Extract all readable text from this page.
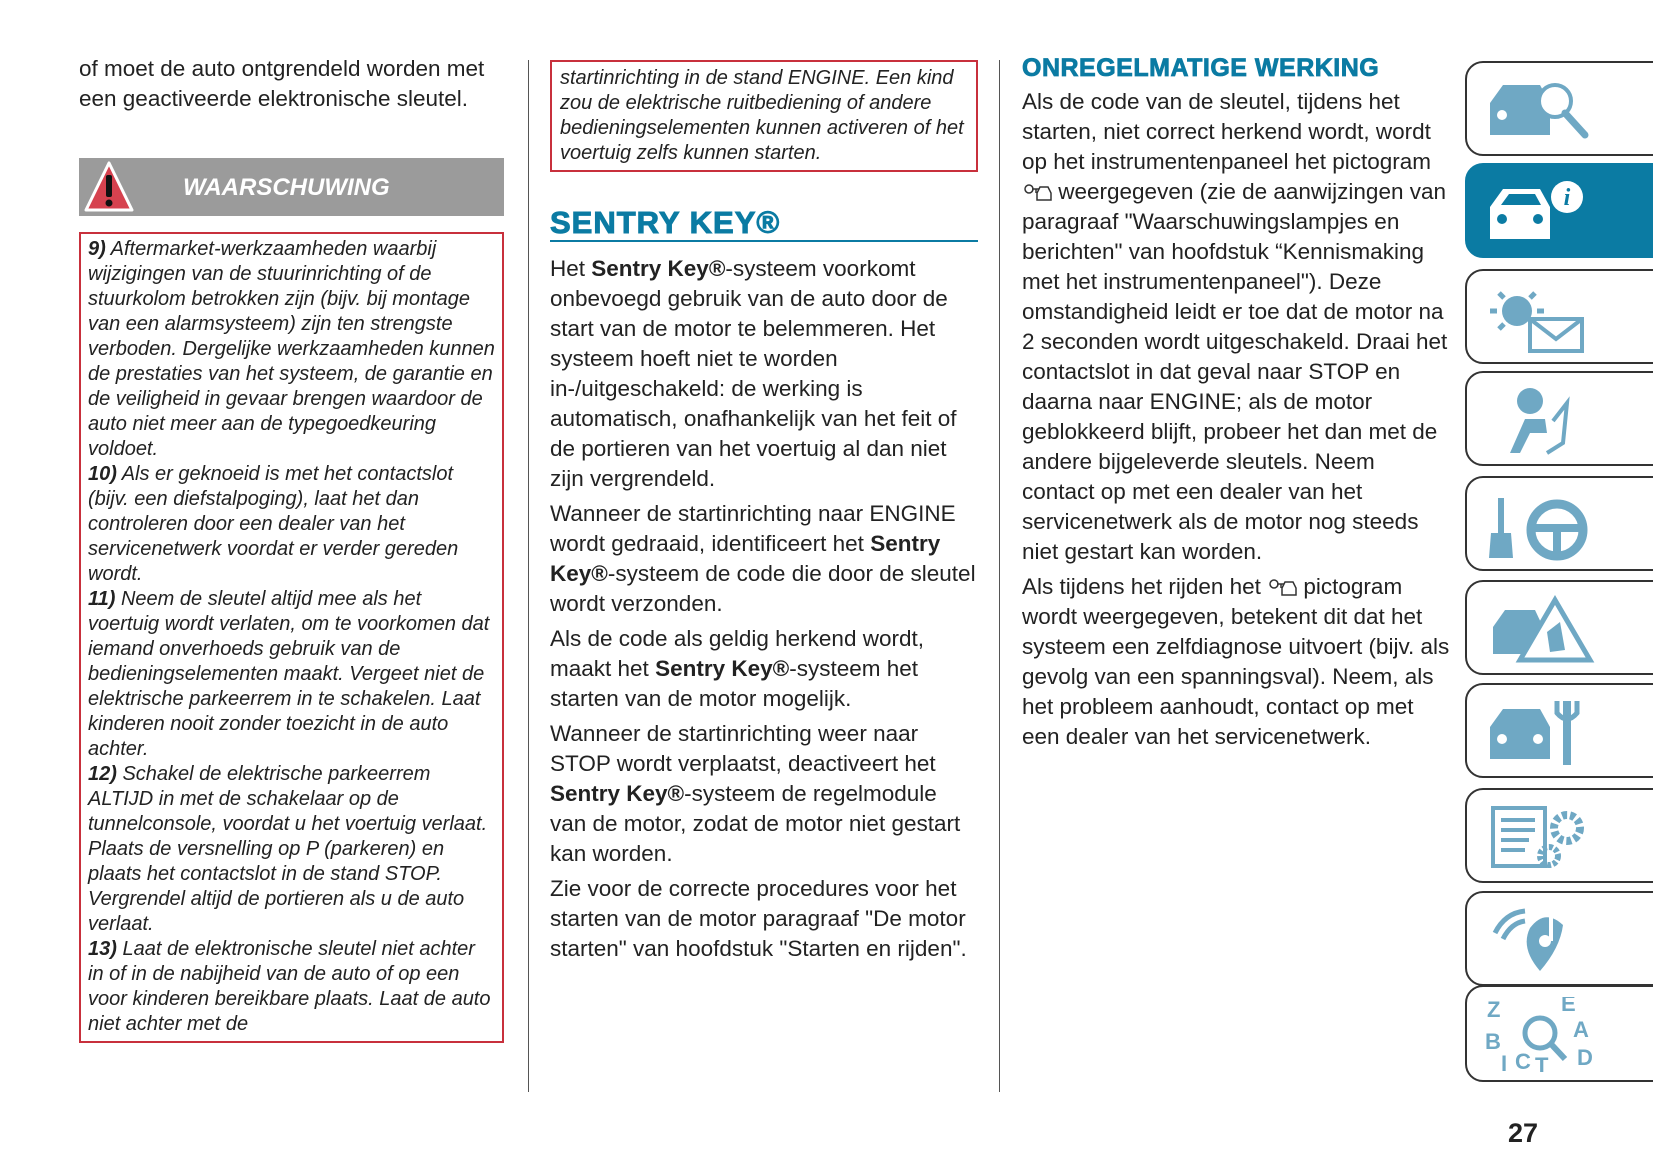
of moet de auto ontgrendeld worden met een geactiveerde elektronische sleutel.

WAARSCHUWING

9) Aftermarket-werkzaamheden waarbij wijzigingen van de stuurinrichting of de stuurkolom betrokken zijn (bijv. bij montage van een alarmsysteem) zijn ten strengste verboden. Dergelijke werkzaamheden kunnen de prestaties van het systeem, de garantie en de veiligheid in gevaar brengen waardoor de auto niet meer aan de typegoedkeuring voldoet.

10) Als er geknoeid is met het contactslot (bijv. een diefstalpoging), laat het dan controleren door een dealer van het servicenetwerk voordat er verder gereden wordt.

11) Neem de sleutel altijd mee als het voertuig wordt verlaten, om te voorkomen dat iemand onverhoeds gebruik van de bedieningselementen maakt. Vergeet niet de elektrische parkeerrem in te schakelen. Laat kinderen nooit zonder toezicht in de auto achter.

12) Schakel de elektrische parkeerrem ALTIJD in met de schakelaar op de tunnelconsole, voordat u het voertuig verlaat. Plaats de versnelling op P (parkeren) en plaats het contactslot in de stand STOP. Vergrendel altijd de portieren als u de auto verlaat.

13) Laat de elektronische sleutel niet achter in of in de nabijheid van de auto of op een voor kinderen bereikbare plaats. Laat de auto niet achter met de

startinrichting in de stand ENGINE. Een kind zou de elektrische ruitbediening of andere bedieningselementen kunnen activeren of het voertuig zelfs kunnen starten.
SENTRY KEY®

Het Sentry Key®-systeem voorkomt onbevoegd gebruik van de auto door de start van de motor te belemmeren. Het systeem hoeft niet te worden in-/uitgeschakeld: de werking is automatisch, onafhankelijk van het feit of de portieren van het voertuig al dan niet zijn vergrendeld.

Wanneer de startinrichting naar ENGINE wordt gedraaid, identificeert het Sentry Key®-systeem de code die door de sleutel wordt verzonden.

Als de code als geldig herkend wordt, maakt het Sentry Key®-systeem het starten van de motor mogelijk.

Wanneer de startinrichting weer naar STOP wordt verplaatst, deactiveert het Sentry Key®-systeem de regelmodule van de motor, zodat de motor niet gestart kan worden.

Zie voor de correcte procedures voor het starten van de motor paragraaf "De motor starten" van hoofdstuk "Starten en rijden".

ONREGELMATIGE WERKING

Als de code van de sleutel, tijdens het starten, niet correct herkend wordt, wordt op het instrumentenpaneel het pictogram  weergegeven (zie de aanwijzingen van paragraaf "Waarschuwingslampjes en berichten" van hoofdstuk “Kennismaking met het instrumentenpaneel"). Deze omstandigheid leidt er toe dat de motor na 2 seconden wordt uitgeschakeld. Draai het contactslot in dat geval naar STOP en daarna naar ENGINE; als de motor geblokkeerd blijft, probeer het dan met de andere bijgeleverde sleutels. Neem contact op met een dealer van het servicenetwerk als de motor nog steeds niet gestart kan worden.

Als tijdens het rijden het  pictogram wordt weergegeven, betekent dit dat het systeem een zelfdiagnose uitvoert (bijv. als gevolg van een spanningsval). Neem, als het probleem aanhoudt, contact op met een dealer van het servicenetwerk.

i
Z	E
A
B
C D
I T
27
